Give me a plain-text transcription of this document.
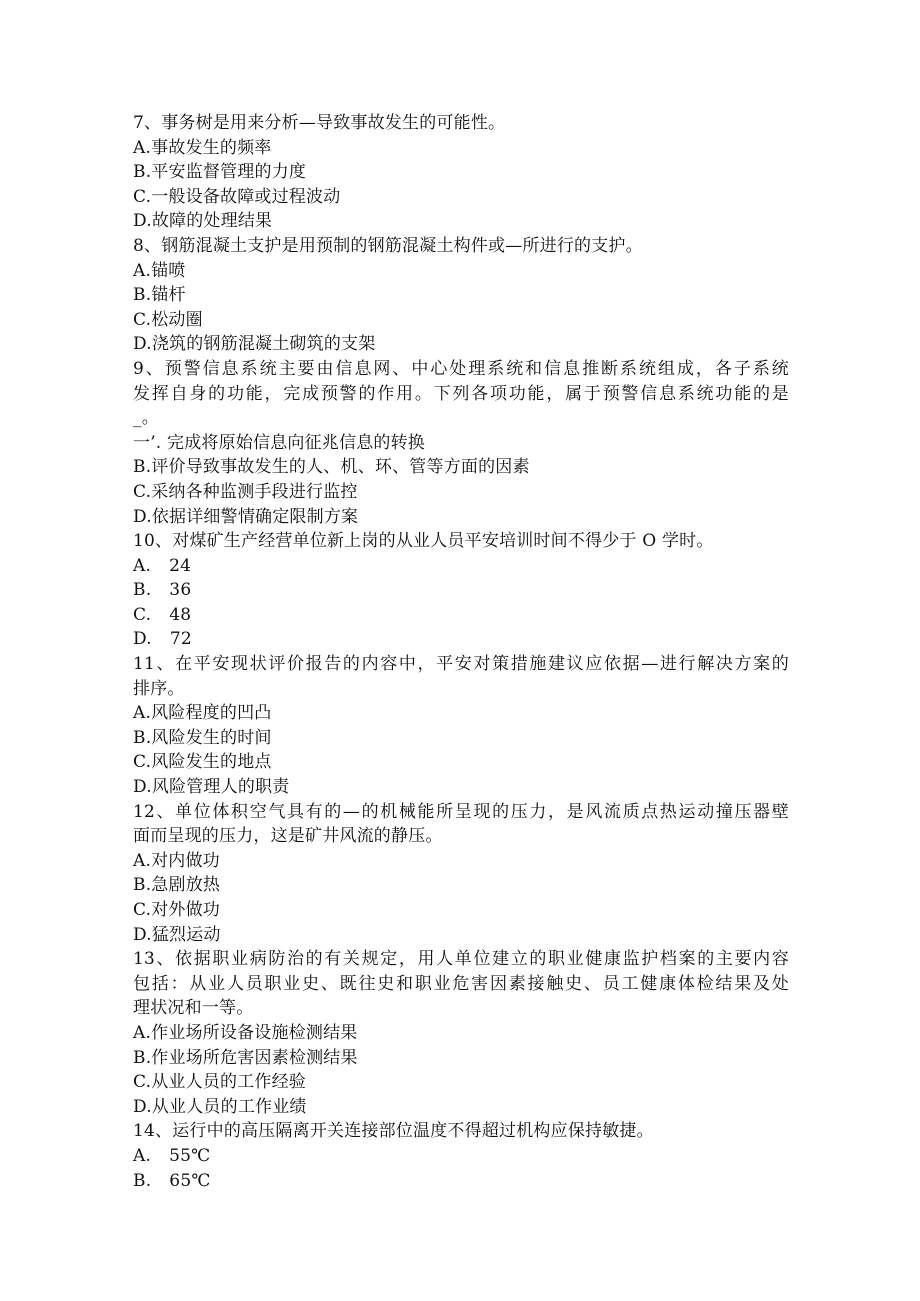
7、事务树是用来分析—导致事故发生的可能性。
A.事故发生的频率
B.平安监督管理的力度
C.一般设备故障或过程波动
D.故障的处理结果
8、钢筋混凝土支护是用预制的钢筋混凝土构件或—所进行的支护。
A.锚喷
B.锚杆
C.松动圈
D.浇筑的钢筋混凝土砌筑的支架
9、预警信息系统主要由信息网、中心处理系统和信息推断系统组成，各子系统
发挥自身的功能，完成预警的作用。下列各项功能，属于预警信息系统功能的是
_。
一’. 完成将原始信息向征兆信息的转换
B.评价导致事故发生的人、机、环、管等方面的因素
C.采纳各种监测手段进行监控
D.依据详细警情确定限制方案
10、对煤矿生产经营单位新上岗的从业人员平安培训时间不得少于 O 学时。
A. 24
B. 36
C. 48
D. 72
11、在平安现状评价报告的内容中，平安对策措施建议应依据—进行解决方案的
排序。
A.风险程度的凹凸
B.风险发生的时间
C.风险发生的地点
D.风险管理人的职责
12、单位体积空气具有的—的机械能所呈现的压力，是风流质点热运动撞压器壁
面而呈现的压力，这是矿井风流的静压。
A.对内做功
B.急剧放热
C.对外做功
D.猛烈运动
13、依据职业病防治的有关规定，用人单位建立的职业健康监护档案的主要内容
包括：从业人员职业史、既往史和职业危害因素接触史、员工健康体检结果及处
理状况和一等。
A.作业场所设备设施检测结果
B.作业场所危害因素检测结果
C.从业人员的工作经验
D.从业人员的工作业绩
14、运行中的高压隔离开关连接部位温度不得超过机构应保持敏捷。
A. 55℃
B. 65℃
